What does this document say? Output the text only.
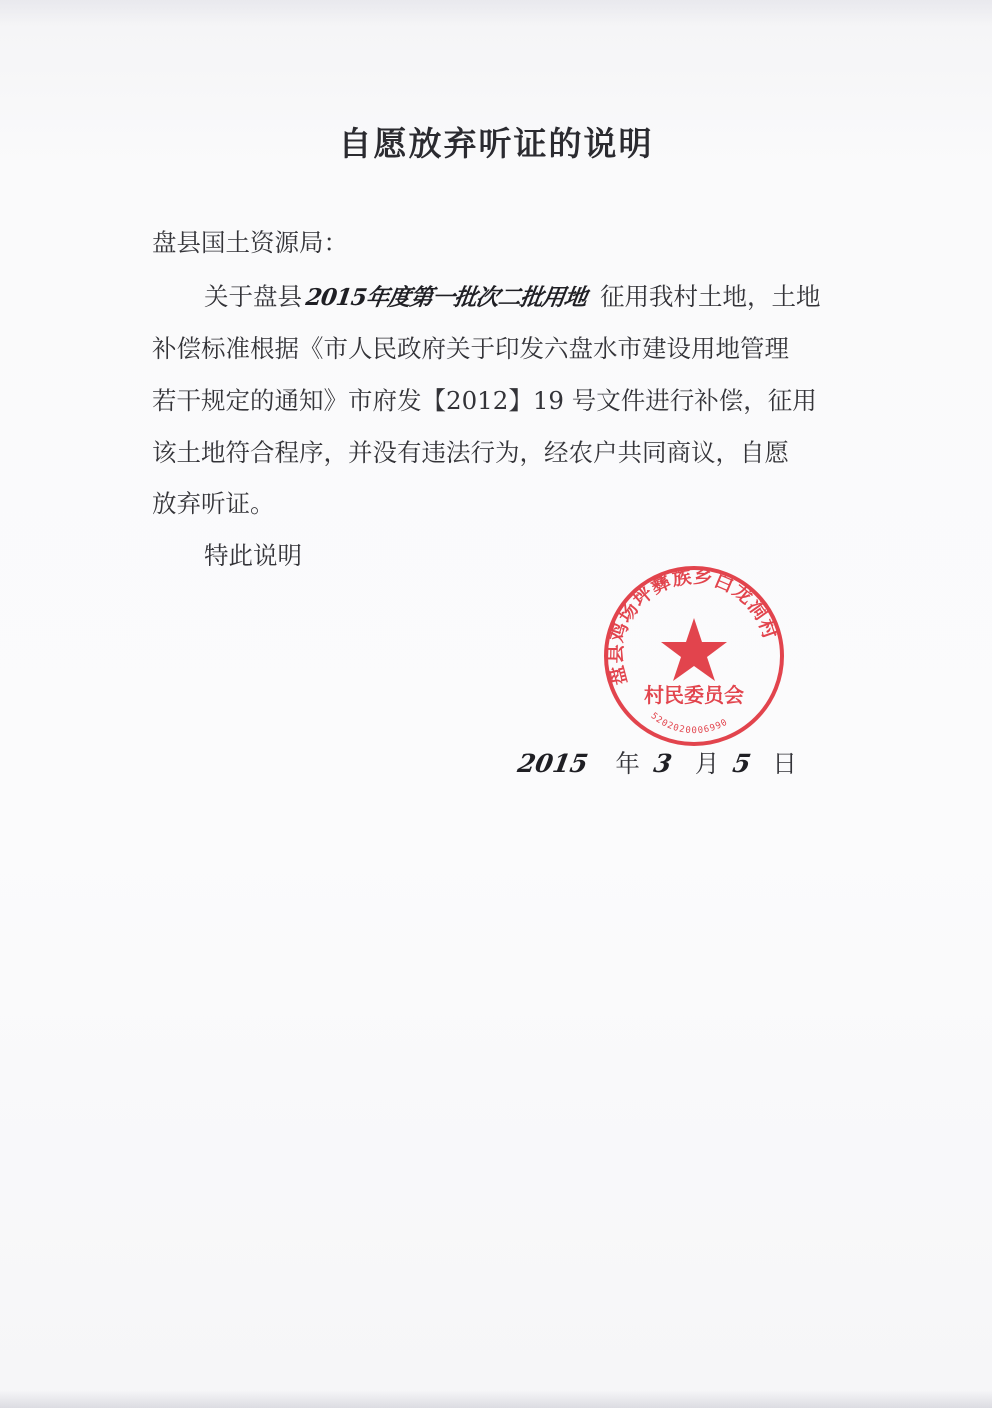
自愿放弃听证的说明
盘县国土资源局：
关于盘县2015年度第一批次二批用地 征用我村土地，土地
补偿标准根据《市人民政府关于印发六盘水市建设用地管理
若干规定的通知》市府发【2012】19 号文件进行补偿，征用
该土地符合程序，并没有违法行为，经农户共同商议，自愿
放弃听证。
特此说明
盘县鸡场坪彝族乡白龙洞村
村民委员会
5202020006990
2015 年 3 月 5 日
